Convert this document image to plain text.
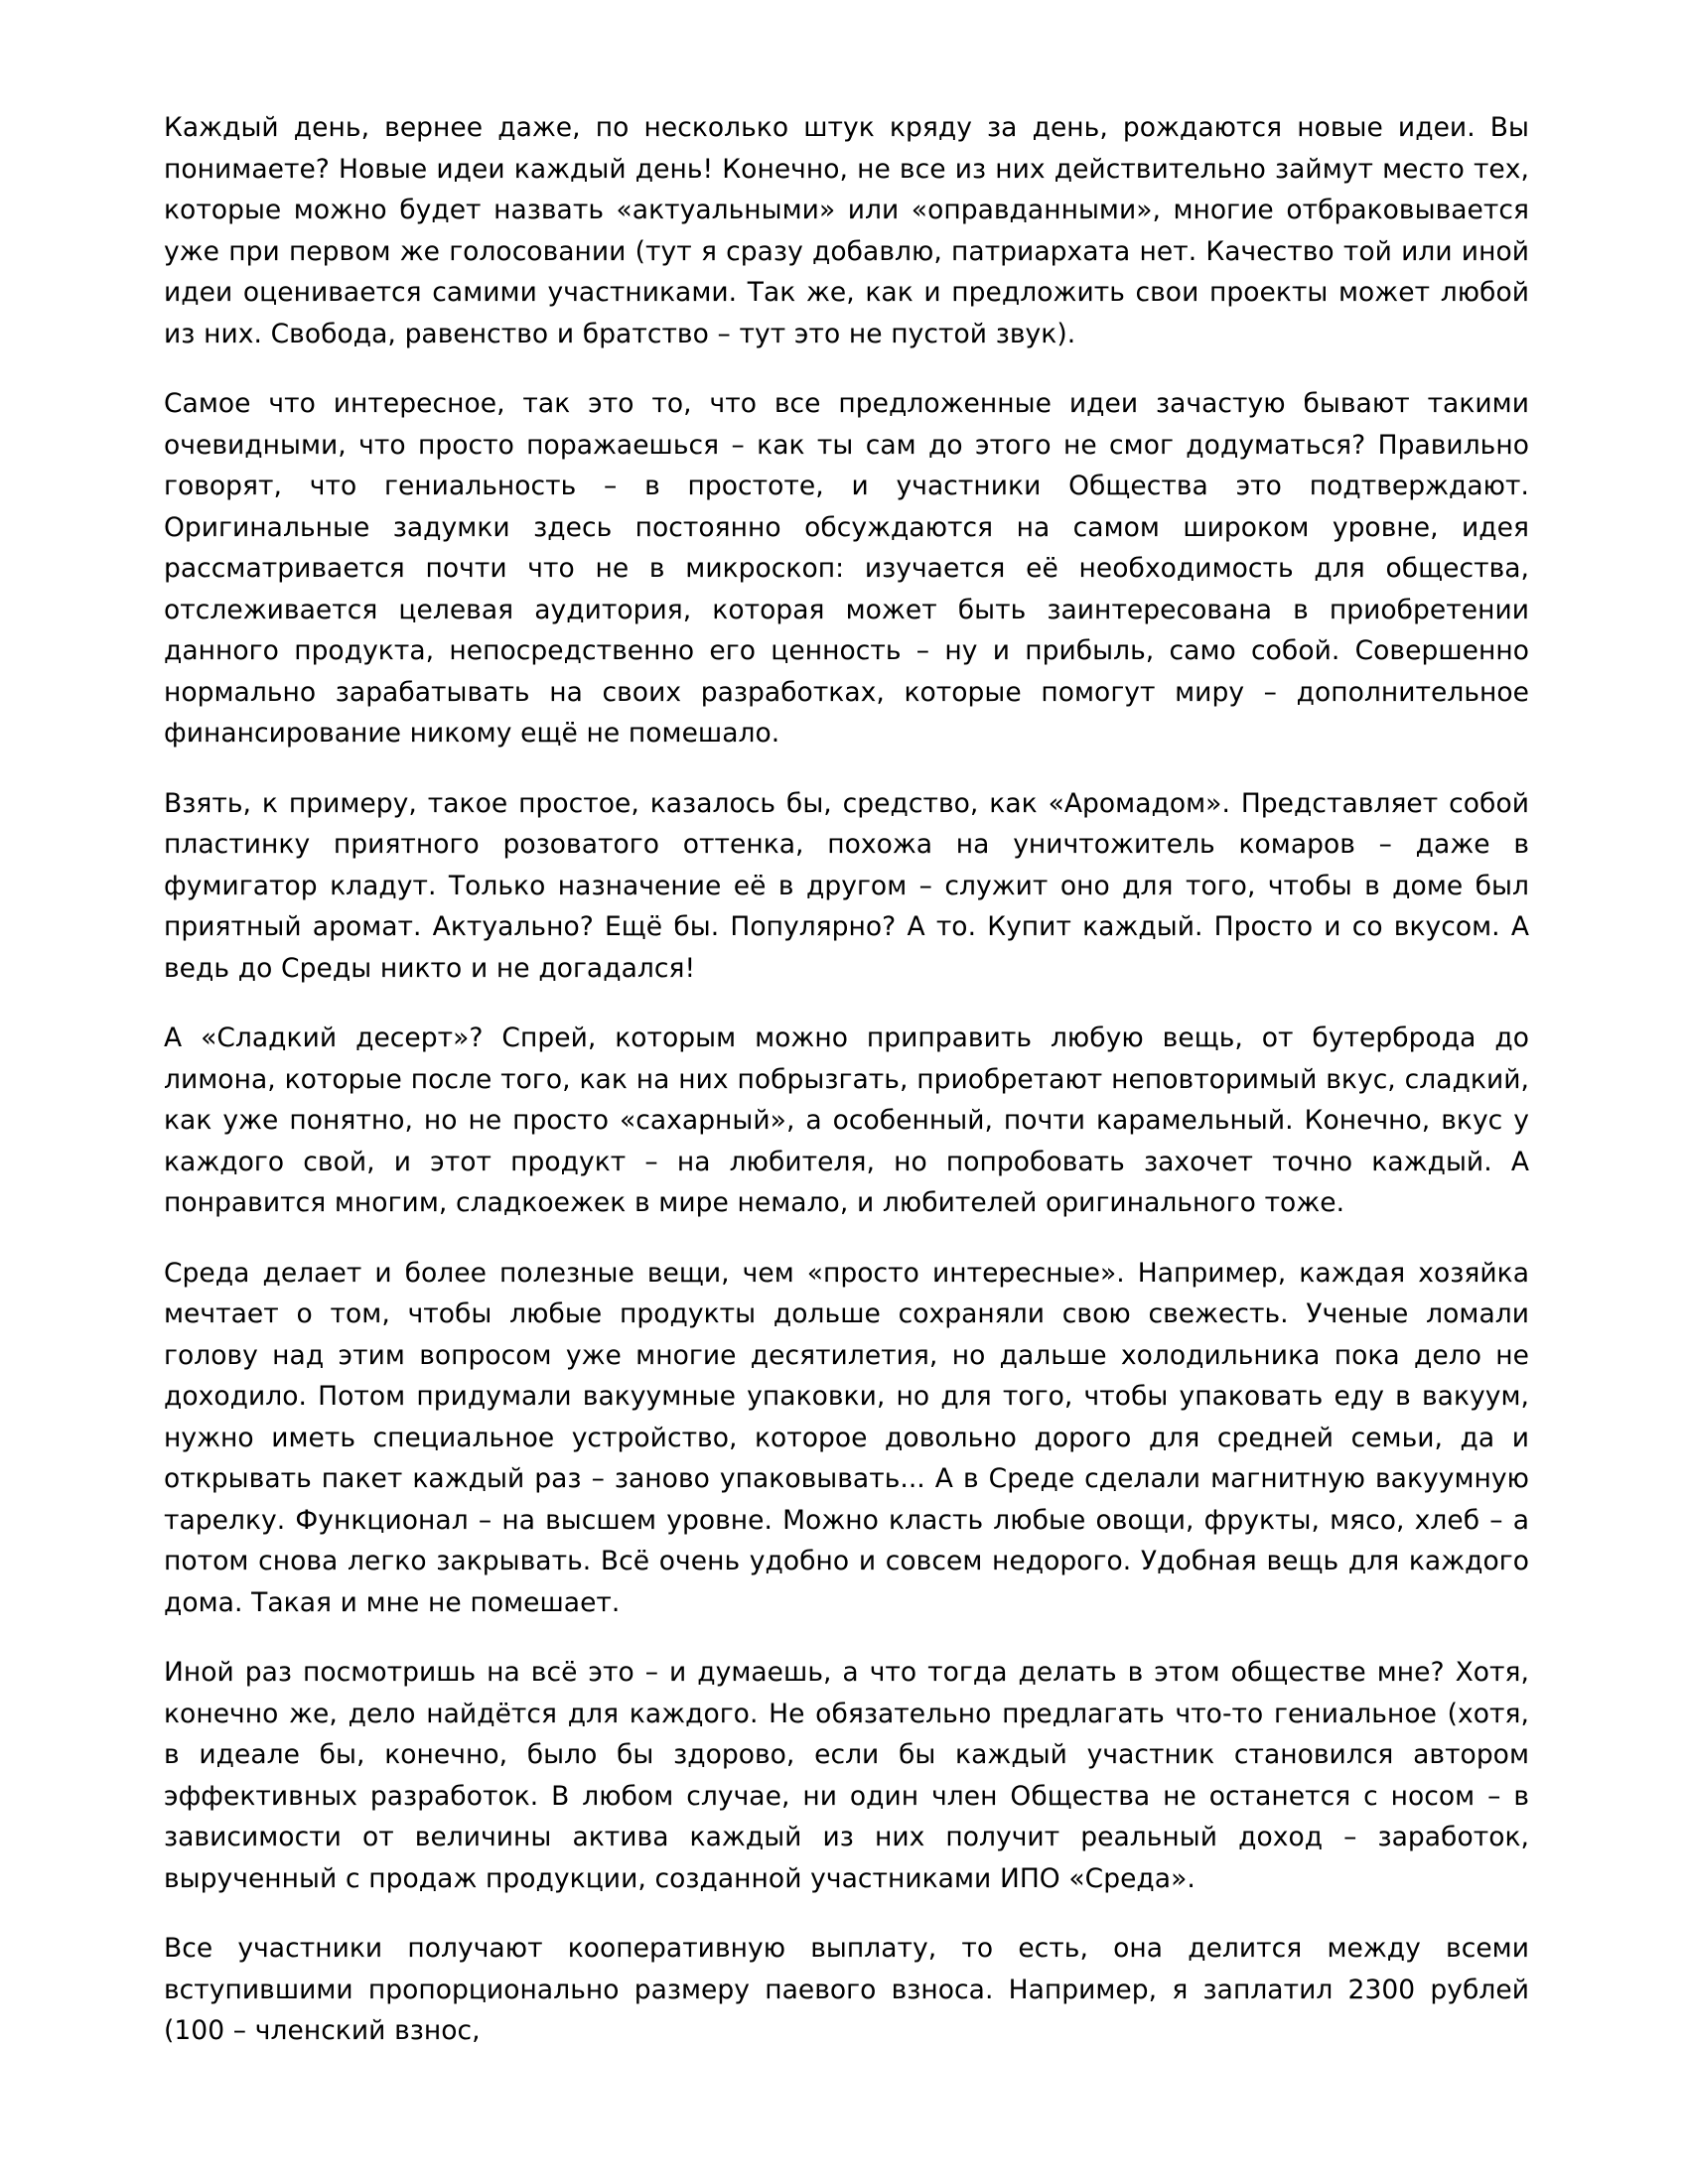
Каждый день, вернее даже, по несколько штук кряду за день, рождаются новые идеи. Вы понимаете? Новые идеи каждый день! Конечно, не все из них действительно займут место тех, которые можно будет назвать «актуальными» или «оправданными», многие отбраковывается уже при первом же голосовании (тут я сразу добавлю, патриархата нет. Качество той или иной идеи оценивается самими участниками. Так же, как и предложить свои проекты может любой из них. Свобода, равенство и братство – тут это не пустой звук).

Самое что интересное, так это то, что все предложенные идеи зачастую бывают такими очевидными, что просто поражаешься – как ты сам до этого не смог додуматься? Правильно говорят, что гениальность – в простоте, и участники Общества это подтверждают. Оригинальные задумки здесь постоянно обсуждаются на самом широком уровне, идея рассматривается почти что не в микроскоп: изучается её необходимость для общества, отслеживается целевая аудитория, которая может быть заинтересована в приобретении данного продукта, непосредственно его ценность – ну и прибыль, само собой. Совершенно нормально зарабатывать на своих разработках, которые помогут миру – дополнительное финансирование никому ещё не помешало.

Взять, к примеру, такое простое, казалось бы, средство, как «Аромадом». Представляет собой пластинку приятного розоватого оттенка, похожа на уничтожитель комаров – даже в фумигатор кладут. Только назначение её в другом – служит оно для того, чтобы в доме был приятный аромат. Актуально? Ещё бы. Популярно? А то. Купит каждый. Просто и со вкусом. А ведь до Среды никто и не догадался!

А «Сладкий десерт»? Спрей, которым можно приправить любую вещь, от бутерброда до лимона, которые после того, как на них побрызгать, приобретают неповторимый вкус, сладкий, как уже понятно, но не просто «сахарный», а особенный, почти карамельный. Конечно, вкус у каждого свой, и этот продукт – на любителя, но попробовать захочет точно каждый. А понравится многим, сладкоежек в мире немало, и любителей оригинального тоже.

Среда делает и более полезные вещи, чем «просто интересные». Например, каждая хозяйка мечтает о том, чтобы любые продукты дольше сохраняли свою свежесть. Ученые ломали голову над этим вопросом уже многие десятилетия, но дальше холодильника пока дело не доходило. Потом придумали вакуумные упаковки, но для того, чтобы упаковать еду в вакуум, нужно иметь специальное устройство, которое довольно дорого для средней семьи, да и открывать пакет каждый раз – заново упаковывать... А в Среде сделали магнитную вакуумную тарелку. Функционал – на высшем уровне. Можно класть любые овощи, фрукты, мясо, хлеб – а потом снова легко закрывать. Всё очень удобно и совсем недорого. Удобная вещь для каждого дома. Такая и мне не помешает.

Иной раз посмотришь на всё это – и думаешь, а что тогда делать в этом обществе мне? Хотя, конечно же, дело найдётся для каждого. Не обязательно предлагать что-то гениальное (хотя, в идеале бы, конечно, было бы здорово, если бы каждый участник становился автором эффективных разработок. В любом случае, ни один член Общества не останется с носом – в зависимости от величины актива каждый из них получит реальный доход – заработок, вырученный с продаж продукции, созданной участниками ИПО «Среда».

Все участники получают кооперативную выплату, то есть, она делится между всеми вступившими пропорционально размеру паевого взноса. Например, я заплатил 2300 рублей (100 – членский взнос,
